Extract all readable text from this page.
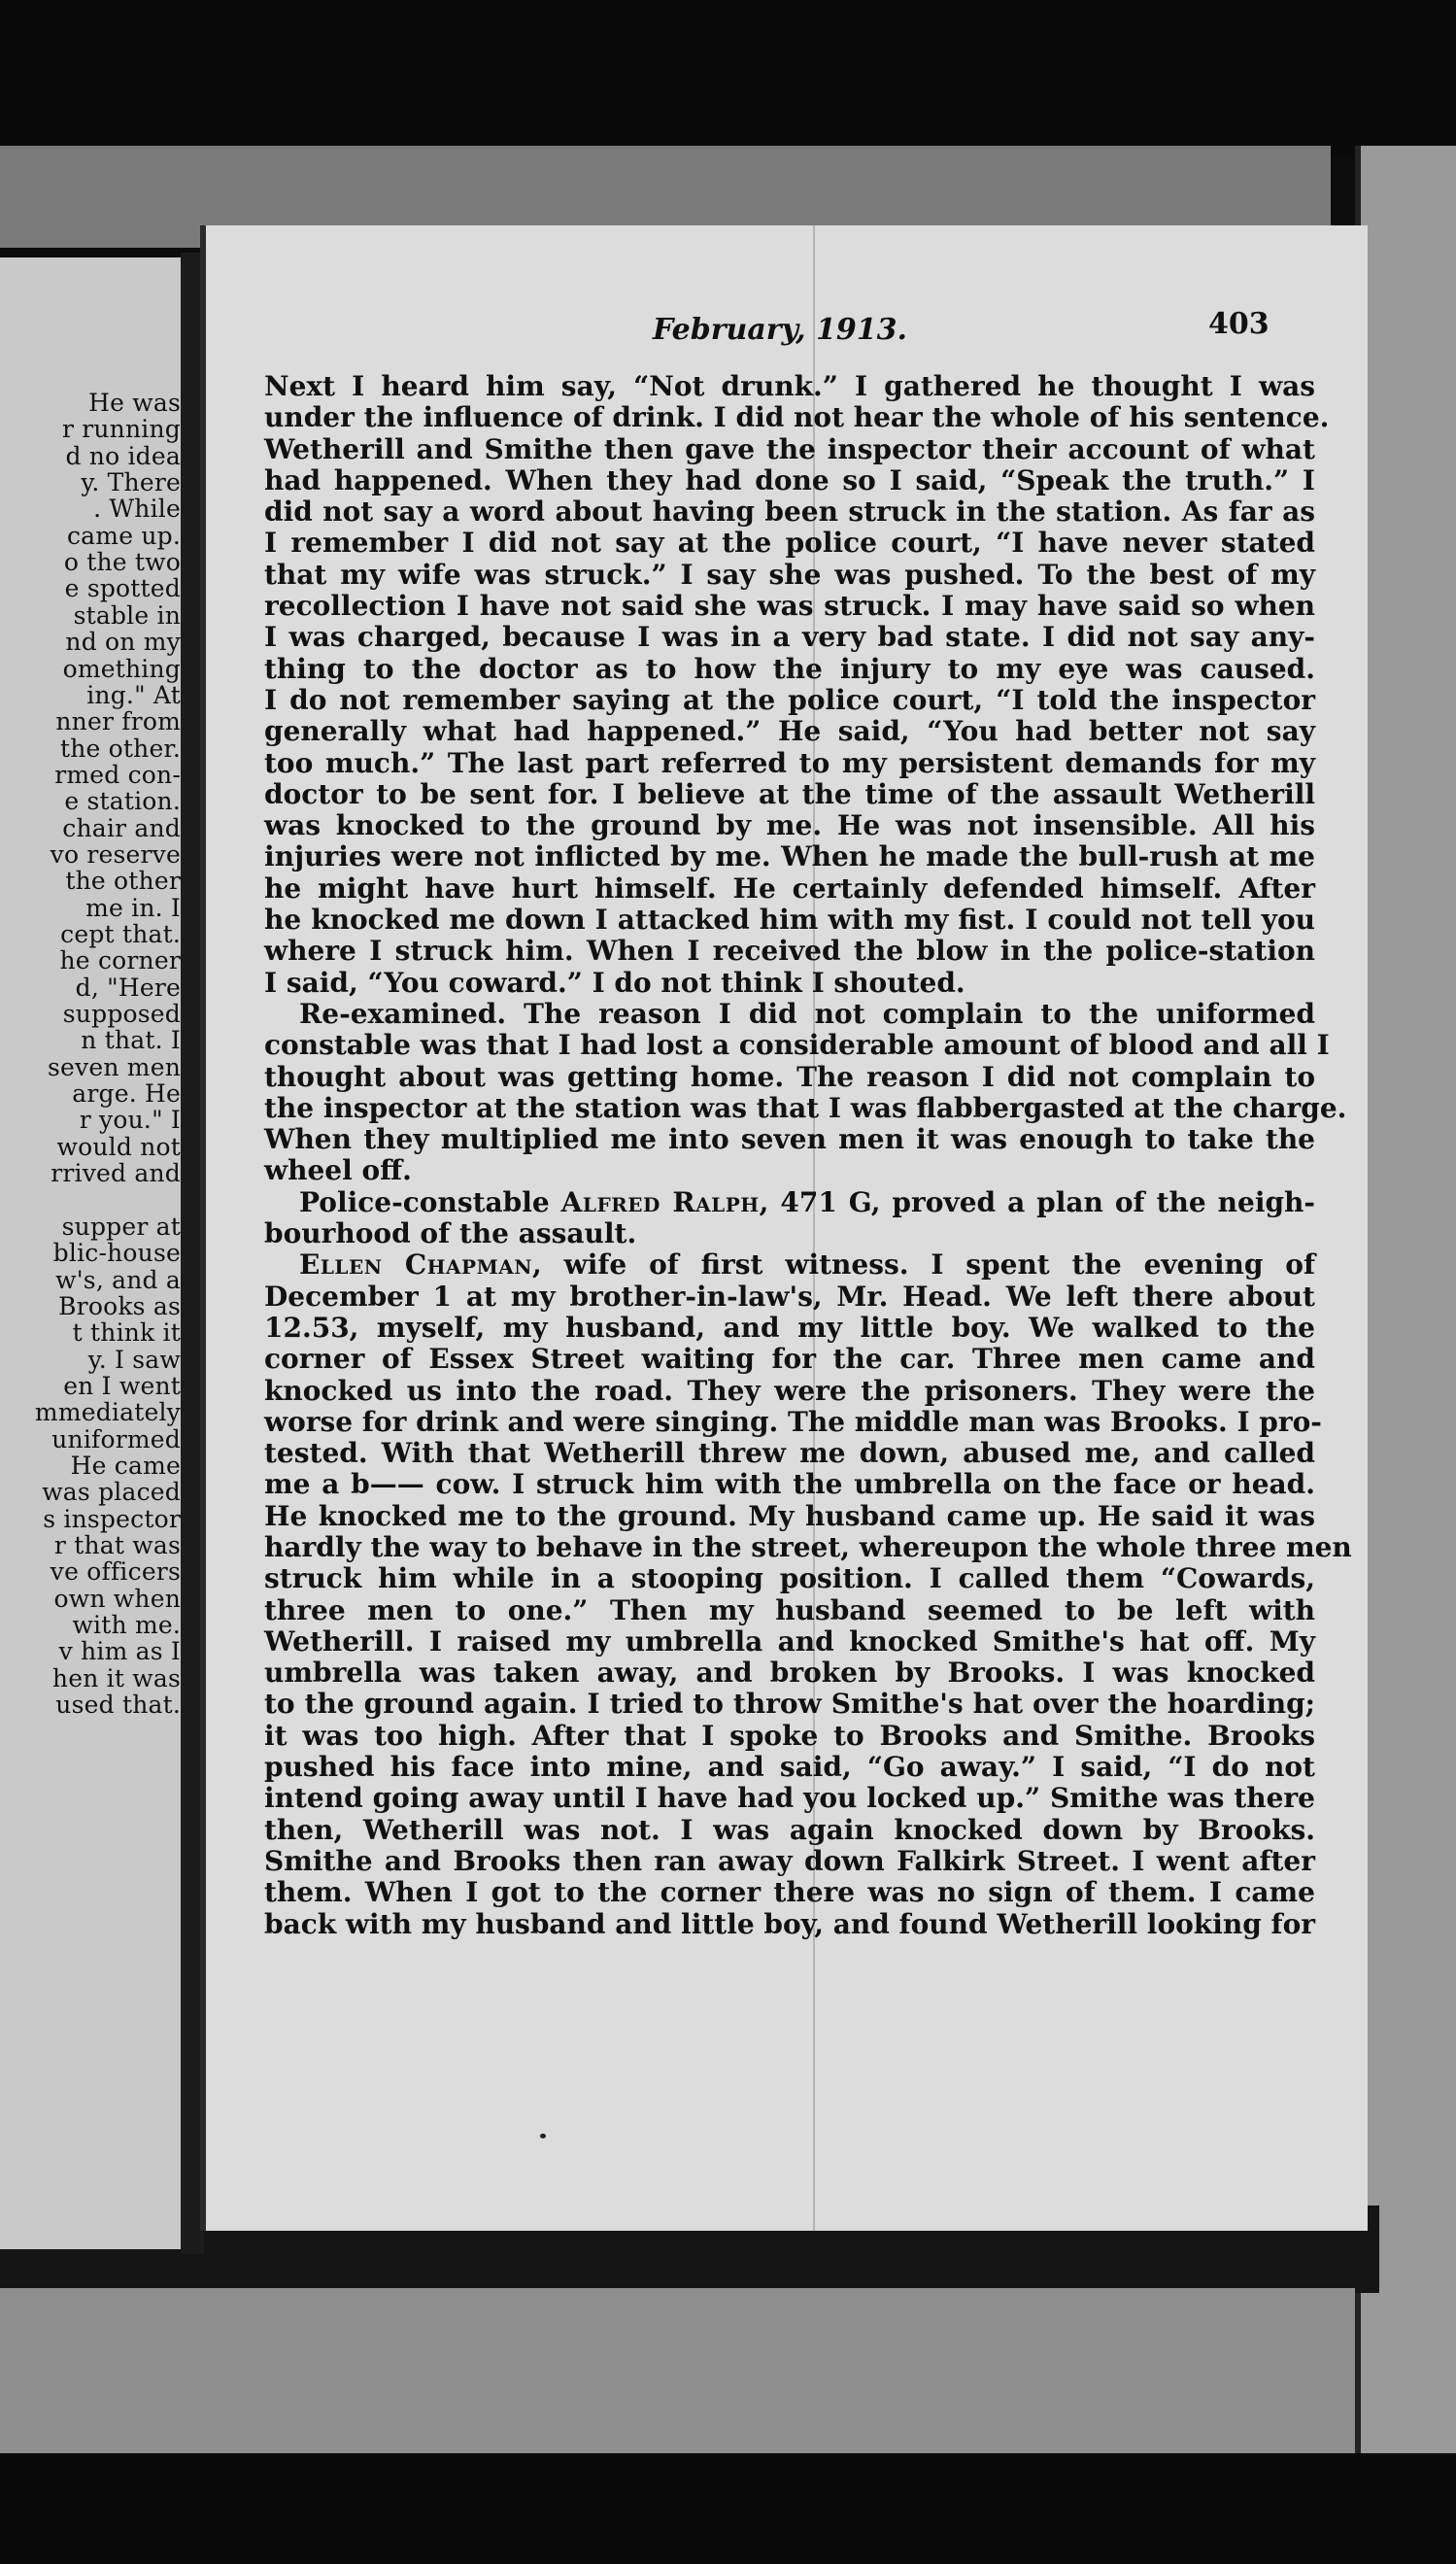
He was
r running
d no idea
y. There
. While
came up.
o the two
e spotted
stable in
nd on my
omething
ing." At
nner from
the other.
rmed con-
e station.
chair and
vo reserve
the other
me in. I
cept that.
he corner
d, "Here
supposed
n that. I
seven men
arge. He
r you." I
would not
rrived and
supper at
blic-house
w's, and a
Brooks as
t think it
y. I saw
en I went
mmediately
uniformed
He came
was placed
s inspector
r that was
ve officers
own when
with me.
v him as I
hen it was
used that.
February, 1913.	403
Next I heard him say, “Not drunk.” I gathered he thought I was
under the influence of drink. I did not hear the whole of his sentence.
Wetherill and Smithe then gave the inspector their account of what
had happened. When they had done so I said, “Speak the truth.” I
did not say a word about having been struck in the station. As far as
I remember I did not say at the police court, “I have never stated
that my wife was struck.” I say she was pushed. To the best of my
recollection I have not said she was struck. I may have said so when
I was charged, because I was in a very bad state. I did not say any-
thing to the doctor as to how the injury to my eye was caused.
I do not remember saying at the police court, “I told the inspector
generally what had happened.” He said, “You had better not say
too much.” The last part referred to my persistent demands for my
doctor to be sent for. I believe at the time of the assault Wetherill
was knocked to the ground by me. He was not insensible. All his
injuries were not inflicted by me. When he made the bull-rush at me
he might have hurt himself. He certainly defended himself. After
he knocked me down I attacked him with my fist. I could not tell you
where I struck him. When I received the blow in the police-station
I said, “You coward.” I do not think I shouted.
Re-examined. The reason I did not complain to the uniformed
constable was that I had lost a considerable amount of blood and all I
thought about was getting home. The reason I did not complain to
the inspector at the station was that I was flabbergasted at the charge.
When they multiplied me into seven men it was enough to take the
wheel off.
Police-constable Alfred Ralph, 471 G, proved a plan of the neigh-
bourhood of the assault.
Ellen Chapman, wife of first witness. I spent the evening of
December 1 at my brother-in-law's, Mr. Head. We left there about
12.53, myself, my husband, and my little boy. We walked to the
corner of Essex Street waiting for the car. Three men came and
knocked us into the road. They were the prisoners. They were the
worse for drink and were singing. The middle man was Brooks. I pro-
tested. With that Wetherill threw me down, abused me, and called
me a b—— cow. I struck him with the umbrella on the face or head.
He knocked me to the ground. My husband came up. He said it was
hardly the way to behave in the street, whereupon the whole three men
struck him while in a stooping position. I called them “Cowards,
three men to one.” Then my husband seemed to be left with
Wetherill. I raised my umbrella and knocked Smithe's hat off. My
umbrella was taken away, and broken by Brooks. I was knocked
to the ground again. I tried to throw Smithe's hat over the hoarding;
it was too high. After that I spoke to Brooks and Smithe. Brooks
pushed his face into mine, and said, “Go away.” I said, “I do not
intend going away until I have had you locked up.” Smithe was there
then, Wetherill was not. I was again knocked down by Brooks.
Smithe and Brooks then ran away down Falkirk Street. I went after
them. When I got to the corner there was no sign of them. I came
back with my husband and little boy, and found Wetherill looking for
